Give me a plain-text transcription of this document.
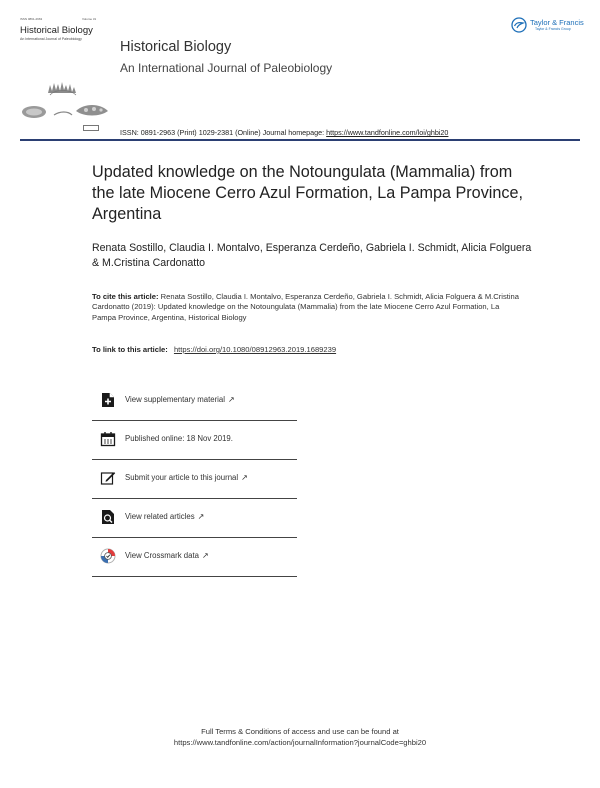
ISSN 0891-2963	Volume 31
Historical Biology
An International Journal of Paleobiology	Historical Biology
An International Journal of Paleobiology
Taylor & Francis
Taylor & Francis Group
ISSN: 0891-2963 (Print) 1029-2381 (Online) Journal homepage: https://www.tandfonline.com/loi/ghbi20
Updated knowledge on the Notoungulata (Mammalia) from the late Miocene Cerro Azul Formation, La Pampa Province, Argentina
Renata Sostillo, Claudia I. Montalvo, Esperanza Cerdeño, Gabriela I. Schmidt, Alicia Folguera & M.Cristina Cardonatto
To cite this article: Renata Sostillo, Claudia I. Montalvo, Esperanza Cerdeño, Gabriela I. Schmidt, Alicia Folguera & M.Cristina Cardonatto (2019): Updated knowledge on the Notoungulata (Mammalia) from the late Miocene Cerro Azul Formation, La Pampa Province, Argentina, Historical Biology
To link to this article: https://doi.org/10.1080/08912963.2019.1689239
View supplementary material ↗
Published online: 18 Nov 2019.
Submit your article to this journal ↗
View related articles ↗
View Crossmark data ↗
Full Terms & Conditions of access and use can be found at
https://www.tandfonline.com/action/journalInformation?journalCode=ghbi20
